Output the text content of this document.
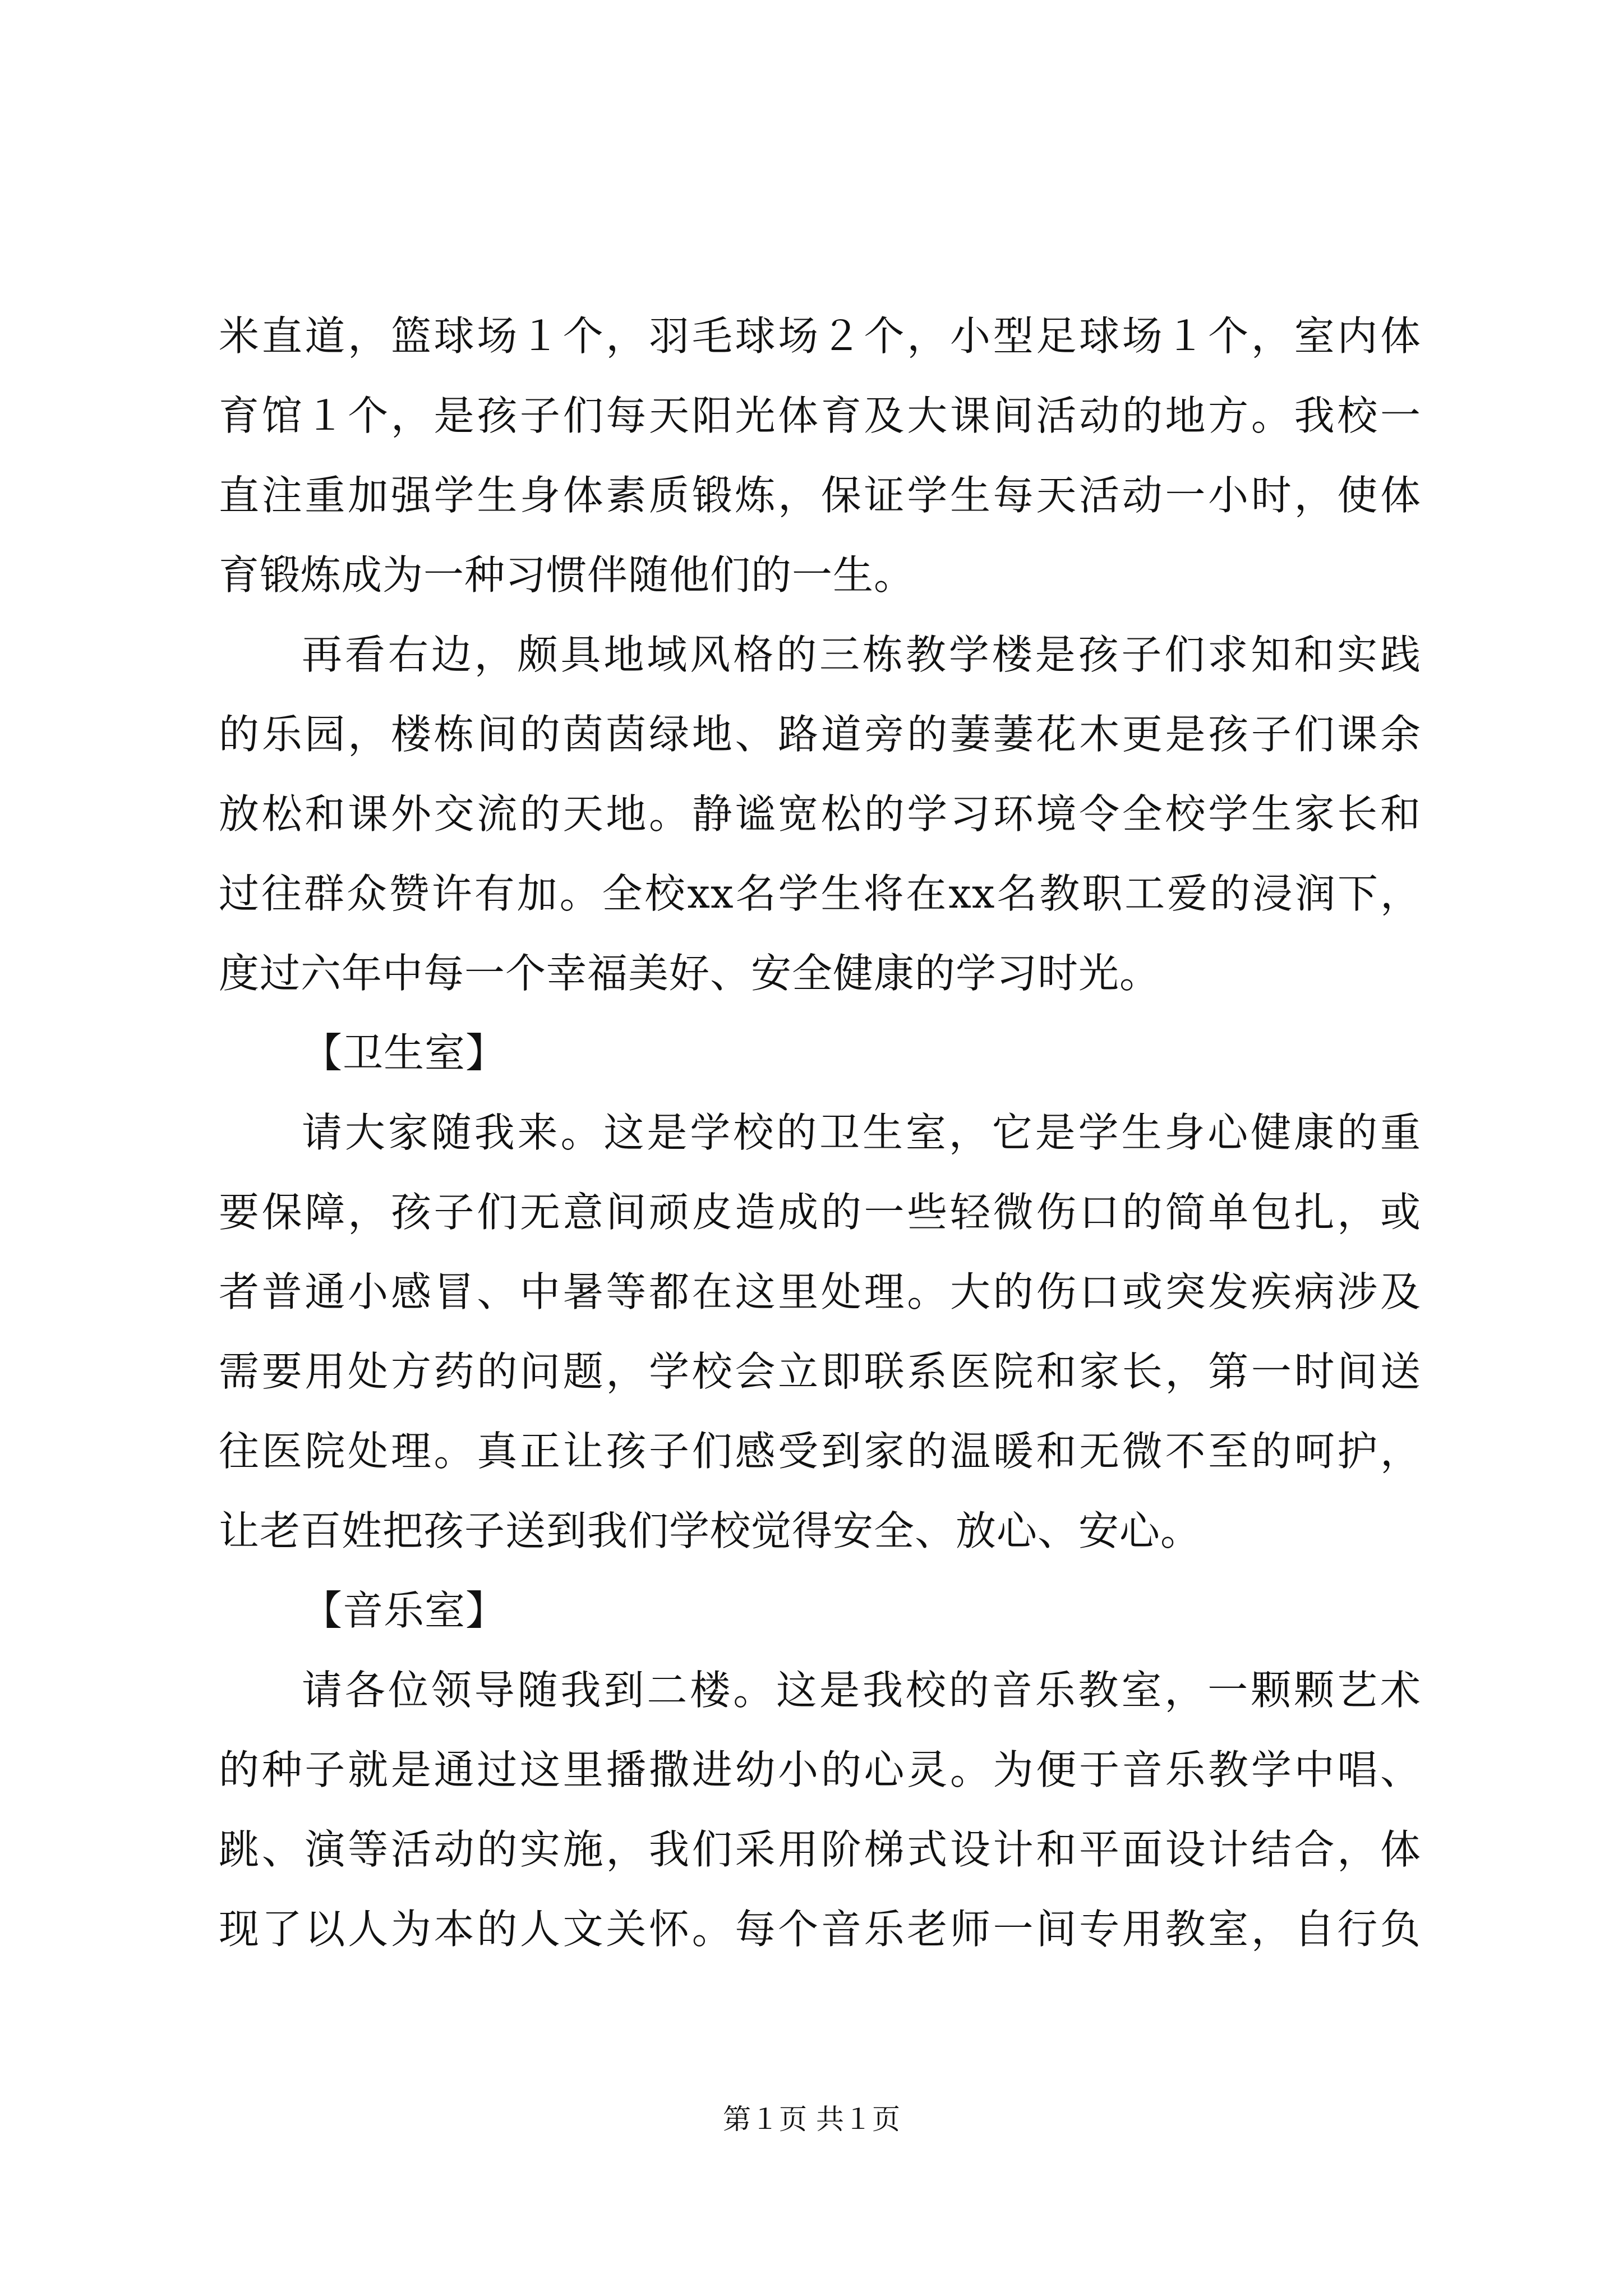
米直道，篮球场１个，羽毛球场２个，小型足球场１个，室内体
育馆１个，是孩子们每天阳光体育及大课间活动的地方。我校一
直注重加强学生身体素质锻炼，保证学生每天活动一小时，使体
育锻炼成为一种习惯伴随他们的一生。
再看右边，颇具地域风格的三栋教学楼是孩子们求知和实践
的乐园，楼栋间的茵茵绿地、路道旁的萋萋花木更是孩子们课余
放松和课外交流的天地。静谧宽松的学习环境令全校学生家长和
过往群众赞许有加。全校xx名学生将在xx名教职工爱的浸润下，
度过六年中每一个幸福美好、安全健康的学习时光。
【卫生室】
请大家随我来。这是学校的卫生室，它是学生身心健康的重
要保障，孩子们无意间顽皮造成的一些轻微伤口的简单包扎，或
者普通小感冒、中暑等都在这里处理。大的伤口或突发疾病涉及
需要用处方药的问题，学校会立即联系医院和家长，第一时间送
往医院处理。真正让孩子们感受到家的温暖和无微不至的呵护，
让老百姓把孩子送到我们学校觉得安全、放心、安心。
【音乐室】
请各位领导随我到二楼。这是我校的音乐教室，一颗颗艺术
的种子就是通过这里播撒进幼小的心灵。为便于音乐教学中唱、
跳、演等活动的实施，我们采用阶梯式设计和平面设计结合，体
现了以人为本的人文关怀。每个音乐老师一间专用教室，自行负
第１页 共１页
